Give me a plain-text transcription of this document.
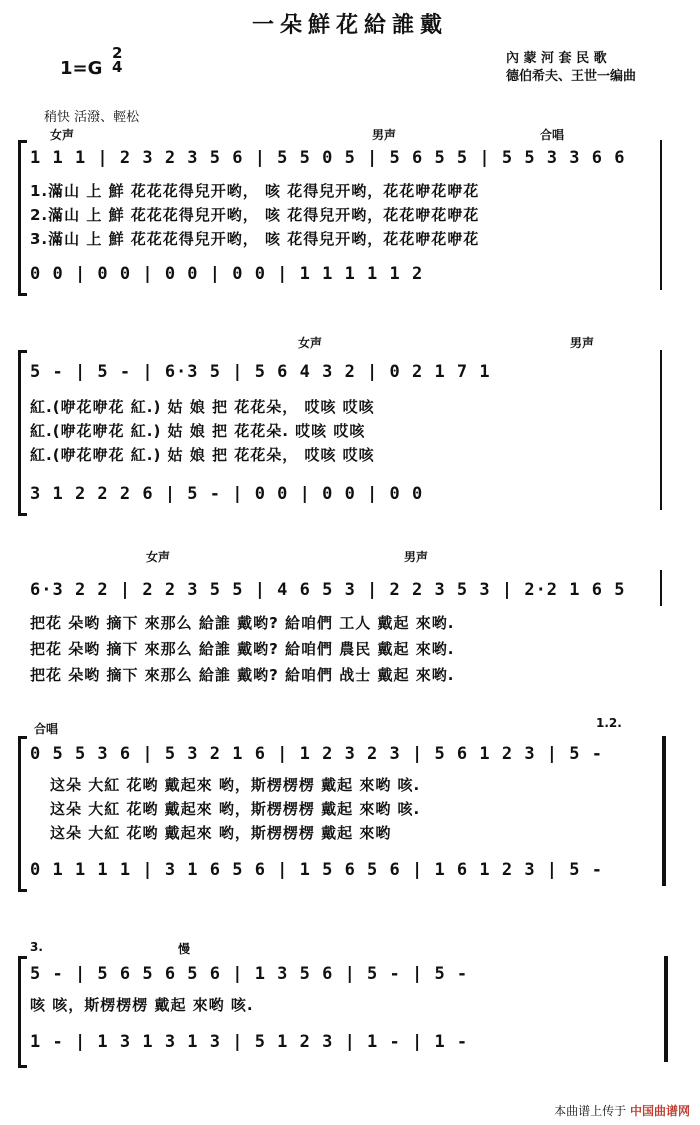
一朵鮮花給誰戴
1=G
2
4	內 蒙 河 套 民 歌
德伯希夫、王世一编曲
稍快 活潑、輕松
女声	男声	合唱
1 1 1 | 2 3 2 3 5 6 | 5 5 0 5 | 5 6 5 5 | 5 5 3 3 6 6
1.滿山 上 鮮 花花花得兒开哟， 咳 花得兒开哟，花花咿花咿花
2.滿山 上 鮮 花花花得兒开哟， 咳 花得兒开哟，花花咿花咿花
3.滿山 上 鮮 花花花得兒开哟， 咳 花得兒开哟，花花咿花咿花
0 0 | 0 0 | 0 0 | 0 0 | 1 1 1 1 1 2
女声	男声
5 - | 5 - | 6·3 5 | 5 6 4 3 2 | 0 2 1 7 1
紅.(咿花咿花 紅.) 姑 娘 把 花花朵， 哎咳 哎咳
紅.(咿花咿花 紅.) 姑 娘 把 花花朵. 哎咳 哎咳
紅.(咿花咿花 紅.) 姑 娘 把 花花朵， 哎咳 哎咳
3 1 2 2 2 6 | 5 - | 0 0 | 0 0 | 0 0
女声	男声
6·3 2 2 | 2 2 3 5 5 | 4 6 5 3 | 2 2 3 5 3 | 2·2 1 6 5
把花 朵哟 摘下 來那么 給誰 戴哟? 給咱們 工人 戴起 來哟.
把花 朵哟 摘下 來那么 給誰 戴哟? 給咱們 農民 戴起 來哟.
把花 朵哟 摘下 來那么 給誰 戴哟? 給咱們 战士 戴起 來哟.
合唱	1.2.
0 5 5 3 6 | 5 3 2 1 6 | 1 2 3 2 3 | 5 6 1 2 3 | 5 -
这朵 大紅 花哟 戴起來 哟，斯楞楞楞 戴起 來哟 咳.
这朵 大紅 花哟 戴起來 哟，斯楞楞楞 戴起 來哟 咳.
这朵 大紅 花哟 戴起來 哟，斯楞楞楞 戴起 來哟
0 1 1 1 1 | 3 1 6 5 6 | 1 5 6 5 6 | 1 6 1 2 3 | 5 -
3.	慢
5 - | 5 6 5 6 5 6 | 1 3 5 6 | 5 - | 5 -
咳 咳，斯楞楞楞 戴起 來哟 咳.
1 - | 1 3 1 3 1 3 | 5 1 2 3 | 1 - | 1 -
本曲谱上传于 中国曲谱网
